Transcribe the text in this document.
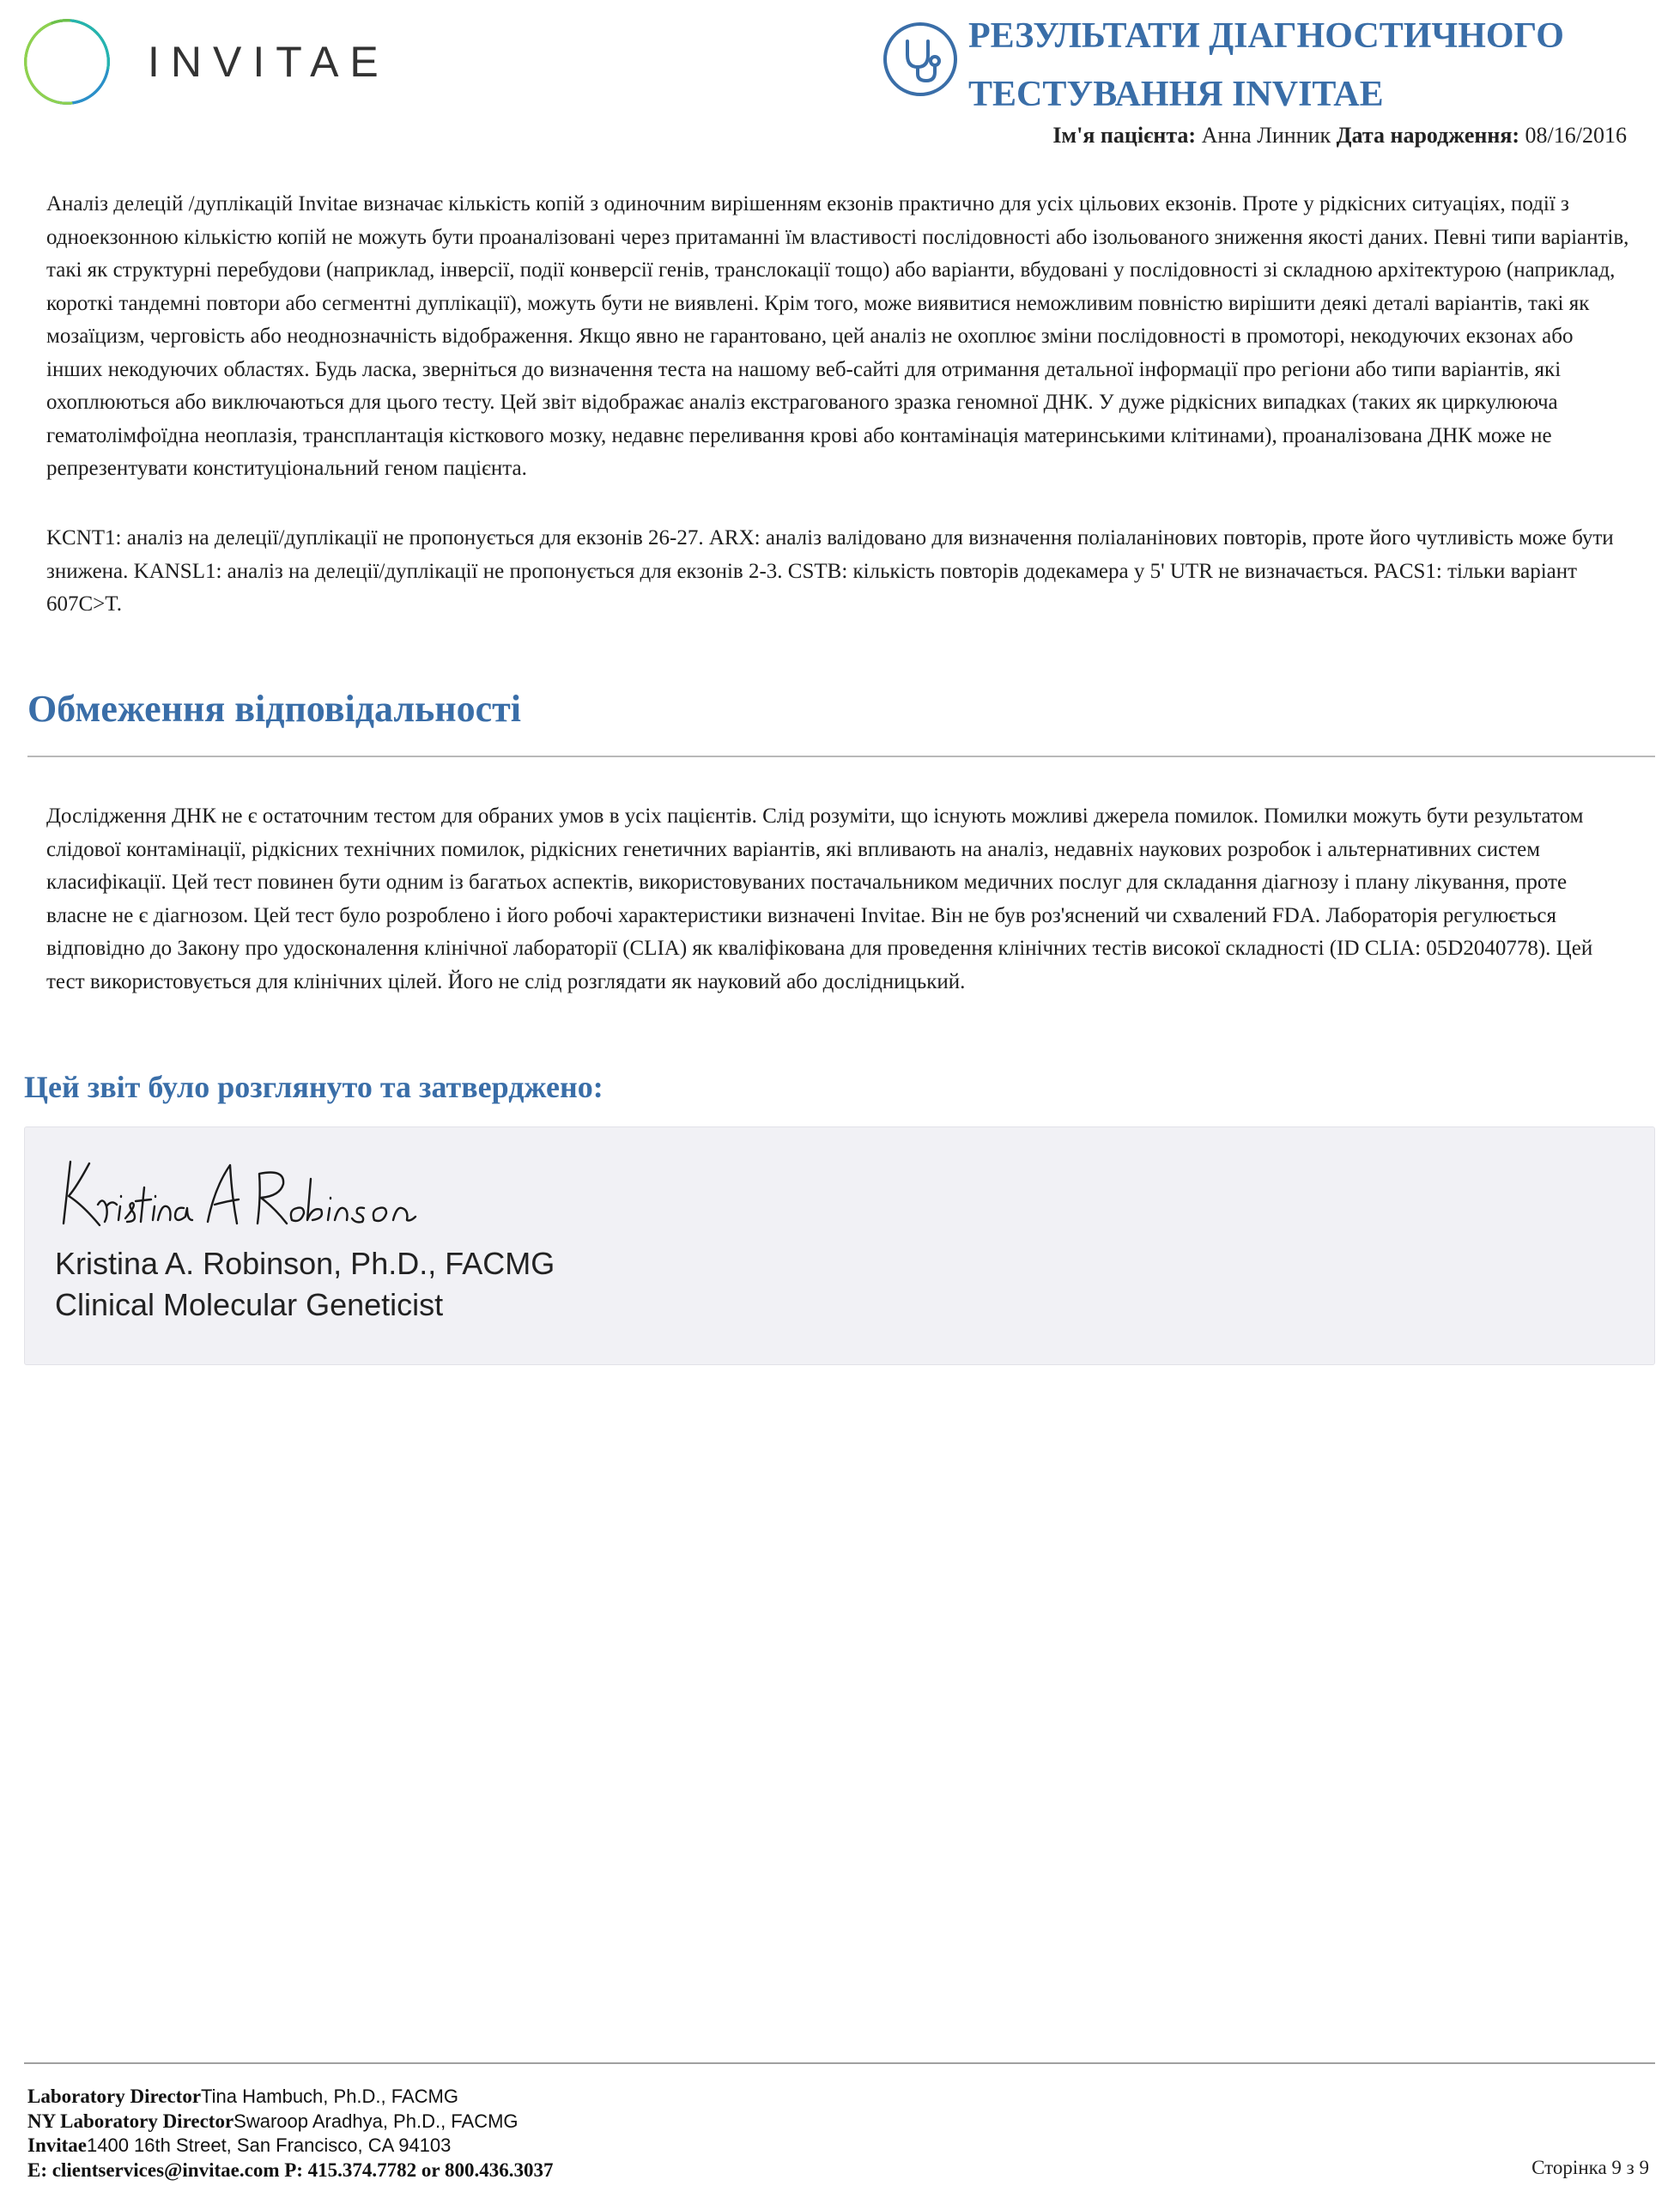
INVITAE
РЕЗУЛЬТАТИ ДІАГНОСТИЧНОГО ТЕСТУВАННЯ INVITAE
Ім'я пацієнта: Анна Линник Дата народження: 08/16/2016
Аналіз делецій /дуплікацій Invitae визначає кількість копій з одиночним вирішенням екзонів практично для усіх цільових екзонів. Проте у рідкісних ситуаціях, події з одноекзонною кількістю копій не можуть бути проаналізовані через притаманні їм властивості послідовності або ізольованого зниження якості даних. Певні типи варіантів, такі як структурні перебудови (наприклад, інверсії, події конверсії генів, транслокації тощо) або варіанти, вбудовані у послідовності зі складною архітектурою (наприклад, короткі тандемні повтори або сегментні дуплікації), можуть бути не виявлені. Крім того, може виявитися неможливим повністю вирішити деякі деталі варіантів, такі як мозаїцизм, черговість або неоднозначність відображення. Якщо явно не гарантовано, цей аналіз не охоплює зміни послідовності в промоторі, некодуючих екзонах або інших некодуючих областях. Будь ласка, зверніться до визначення теста на нашому веб-сайті для отримання детальної інформації про регіони або типи варіантів, які охоплюються або виключаються для цього тесту. Цей звіт відображає аналіз екстрагованого зразка геномної ДНК. У дуже рідкісних випадках (таких як циркулююча гематолімфоїдна неоплазія, трансплантація кісткового мозку, недавнє переливання крові або контамінація материнськими клітинами), проаналізована ДНК може не репрезентувати конституціональний геном пацієнта.
KCNT1: аналіз на делеції/дуплікації не пропонується для екзонів 26-27. ARX: аналіз валідовано для визначення поліаланінових повторів, проте його чутливість може бути знижена. KANSL1: аналіз на делеції/дуплікації не пропонується для екзонів 2-3. CSTB: кількість повторів додекамера у 5' UTR не визначається. PACS1: тільки варіант 607C>T.
Обмеження відповідальності
Дослідження ДНК не є остаточним тестом для обраних умов в усіх пацієнтів. Слід розуміти, що існують можливі джерела помилок. Помилки можуть бути результатом слідової контамінації, рідкісних технічних помилок, рідкісних генетичних варіантів, які впливають на аналіз, недавніх наукових розробок і альтернативних систем класифікації. Цей тест повинен бути одним із багатьох аспектів, використовуваних постачальником медичних послуг для складання діагнозу і плану лікування, проте власне не є діагнозом. Цей тест було розроблено і його робочі характеристики визначені Invitae. Він не був роз'яснений чи схвалений FDA. Лабораторія регулюється відповідно до Закону про удосконалення клінічної лабораторії (CLIA) як кваліфікована для проведення клінічних тестів високої складності (ID CLIA: 05D2040778). Цей тест використовується для клінічних цілей. Його не слід розглядати як науковий або дослідницький.
Цей звіт було розглянуто та затверджено:
Kristina A. Robinson, Ph.D., FACMG
Clinical Molecular Geneticist
Laboratory DirectorTina Hambuch, Ph.D., FACMG
NY Laboratory DirectorSwaroop Aradhya, Ph.D., FACMG
Invitae1400 16th Street, San Francisco, CA 94103
E: clientservices@invitae.com P: 415.374.7782 or 800.436.3037	Сторінка 9 з 9
